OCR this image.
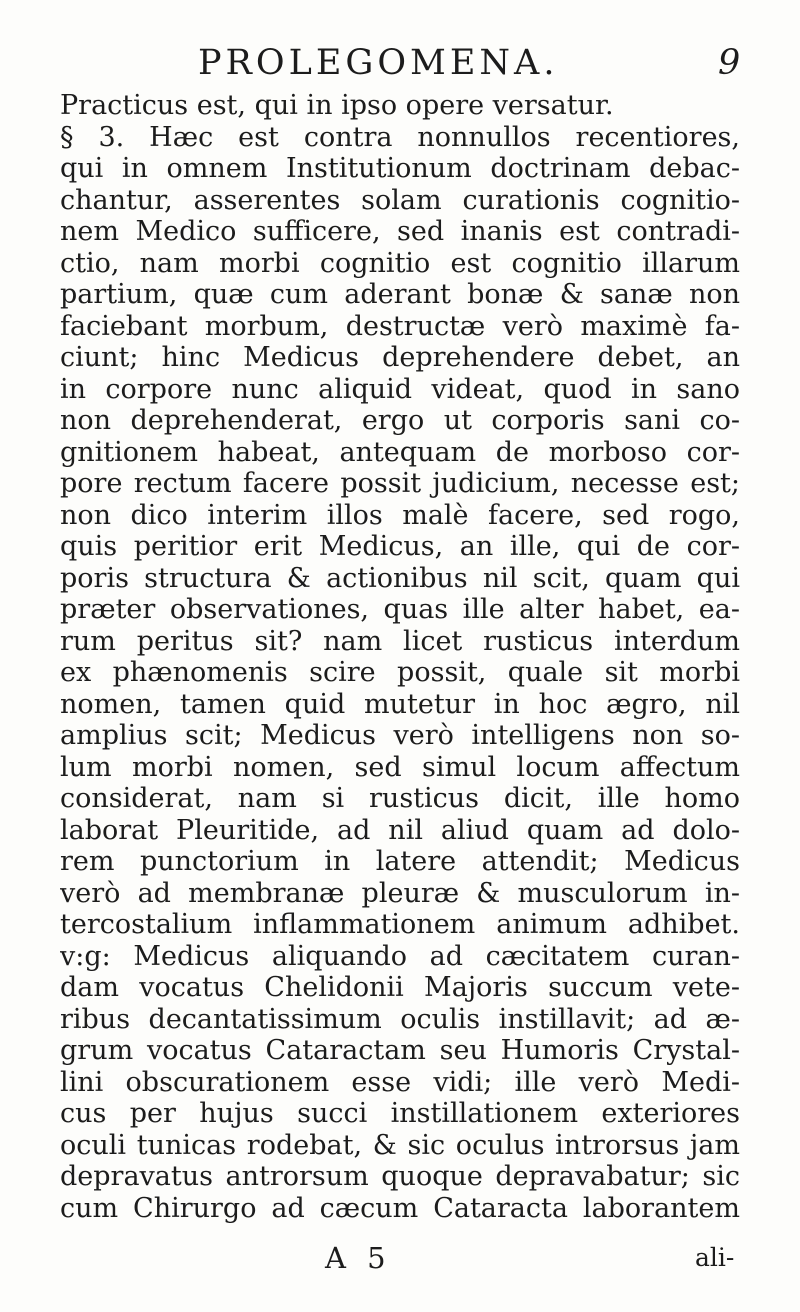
PROLEGOMENA.	9
Practicus est, qui in ipso opere versatur.
§ 3. Hæc est contra nonnullos recentiores,
qui in omnem Institutionum doctrinam debac-
chantur, asserentes solam curationis cognitio-
nem Medico sufficere, sed inanis est contradi-
ctio, nam morbi cognitio est cognitio illarum
partium, quæ cum aderant bonæ & sanæ non
faciebant morbum, destructæ verò maximè fa-
ciunt; hinc Medicus deprehendere debet, an
in corpore nunc aliquid videat, quod in sano
non deprehenderat, ergo ut corporis sani co-
gnitionem habeat, antequam de morboso cor-
pore rectum facere possit judicium, necesse est;
non dico interim illos malè facere, sed rogo,
quis peritior erit Medicus, an ille, qui de cor-
poris structura & actionibus nil scit, quam qui
præter observationes, quas ille alter habet, ea-
rum peritus sit? nam licet rusticus interdum
ex phænomenis scire possit, quale sit morbi
nomen, tamen quid mutetur in hoc ægro, nil
amplius scit; Medicus verò intelligens non so-
lum morbi nomen, sed simul locum affectum
considerat, nam si rusticus dicit, ille homo
laborat Pleuritide, ad nil aliud quam ad dolo-
rem punctorium in latere attendit; Medicus
verò ad membranæ pleuræ & musculorum in-
tercostalium inflammationem animum adhibet.
v:g: Medicus aliquando ad cæcitatem curan-
dam vocatus Chelidonii Majoris succum vete-
ribus decantatissimum oculis instillavit; ad æ-
grum vocatus Cataractam seu Humoris Crystal-
lini obscurationem esse vidi; ille verò Medi-
cus per hujus succi instillationem exteriores
oculi tunicas rodebat, & sic oculus introrsus jam
depravatus antrorsum quoque depravabatur; sic
cum Chirurgo ad cæcum Cataracta laborantem
A 5	ali-
